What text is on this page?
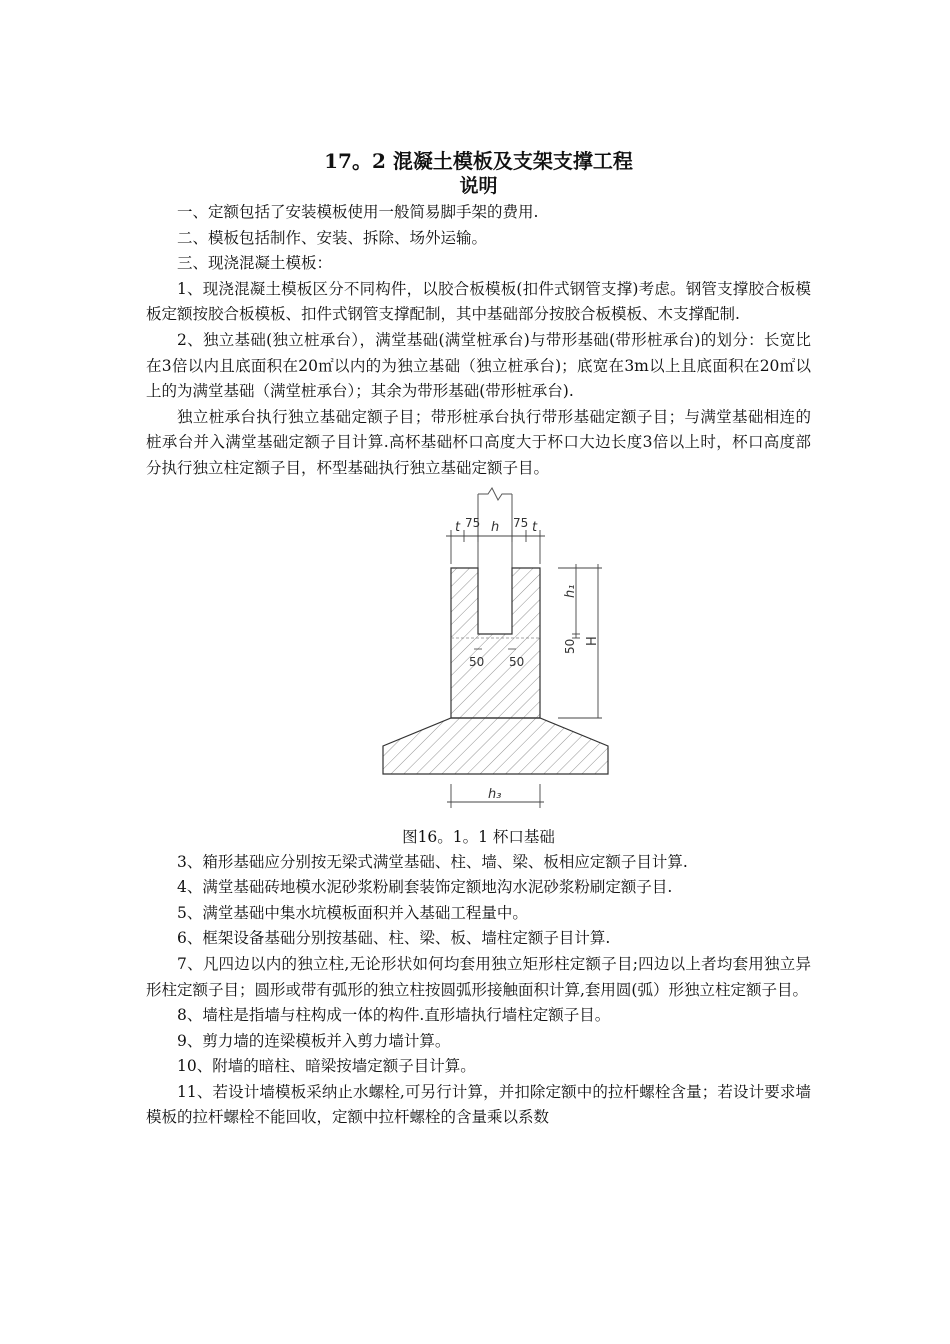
17。2 混凝土模板及支架支撑工程
说明

一、定额包括了安装模板使用一般简易脚手架的费用.

二、模板包括制作、安装、拆除、场外运输。

三、现浇混凝土模板：

1、现浇混凝土模板区分不同构件，以胶合板模板(扣件式钢管支撑)考虑。钢管支撑胶合板模板定额按胶合板模板、扣件式钢管支撑配制，其中基础部分按胶合板模板、木支撑配制.

2、独立基础(独立桩承台），满堂基础(满堂桩承台)与带形基础(带形桩承台)的划分：长宽比在3倍以内且底面积在20㎡以内的为独立基础（独立桩承台)；底宽在3m以上且底面积在20㎡以上的为满堂基础（满堂桩承台）；其余为带形基础(带形桩承台).

独立桩承台执行独立基础定额子目；带形桩承台执行带形基础定额子目；与满堂基础相连的桩承台并入满堂基础定额子目计算.高杯基础杯口高度大于杯口大边长度3倍以上时，杯口高度部分执行独立柱定额子目，杯型基础执行独立基础定额子目。

t 75 h 75 t
h₁
50 H
50 50
h₃
图16。1。1 杯口基础

3、箱形基础应分别按无梁式满堂基础、柱、墙、梁、板相应定额子目计算.

4、满堂基础砖地模水泥砂浆粉刷套装饰定额地沟水泥砂浆粉刷定额子目.

5、满堂基础中集水坑模板面积并入基础工程量中。

6、框架设备基础分别按基础、柱、梁、板、墙柱定额子目计算.

7、凡四边以内的独立柱,无论形状如何均套用独立矩形柱定额子目;四边以上者均套用独立异形柱定额子目；圆形或带有弧形的独立柱按圆弧形接触面积计算,套用圆(弧）形独立柱定额子目。

8、墙柱是指墙与柱构成一体的构件.直形墙执行墙柱定额子目。

9、剪力墙的连梁模板并入剪力墙计算。

10、附墙的暗柱、暗梁按墙定额子目计算。

11、若设计墙模板采纳止水螺栓,可另行计算，并扣除定额中的拉杆螺栓含量；若设计要求墙模板的拉杆螺栓不能回收，定额中拉杆螺栓的含量乘以系数
